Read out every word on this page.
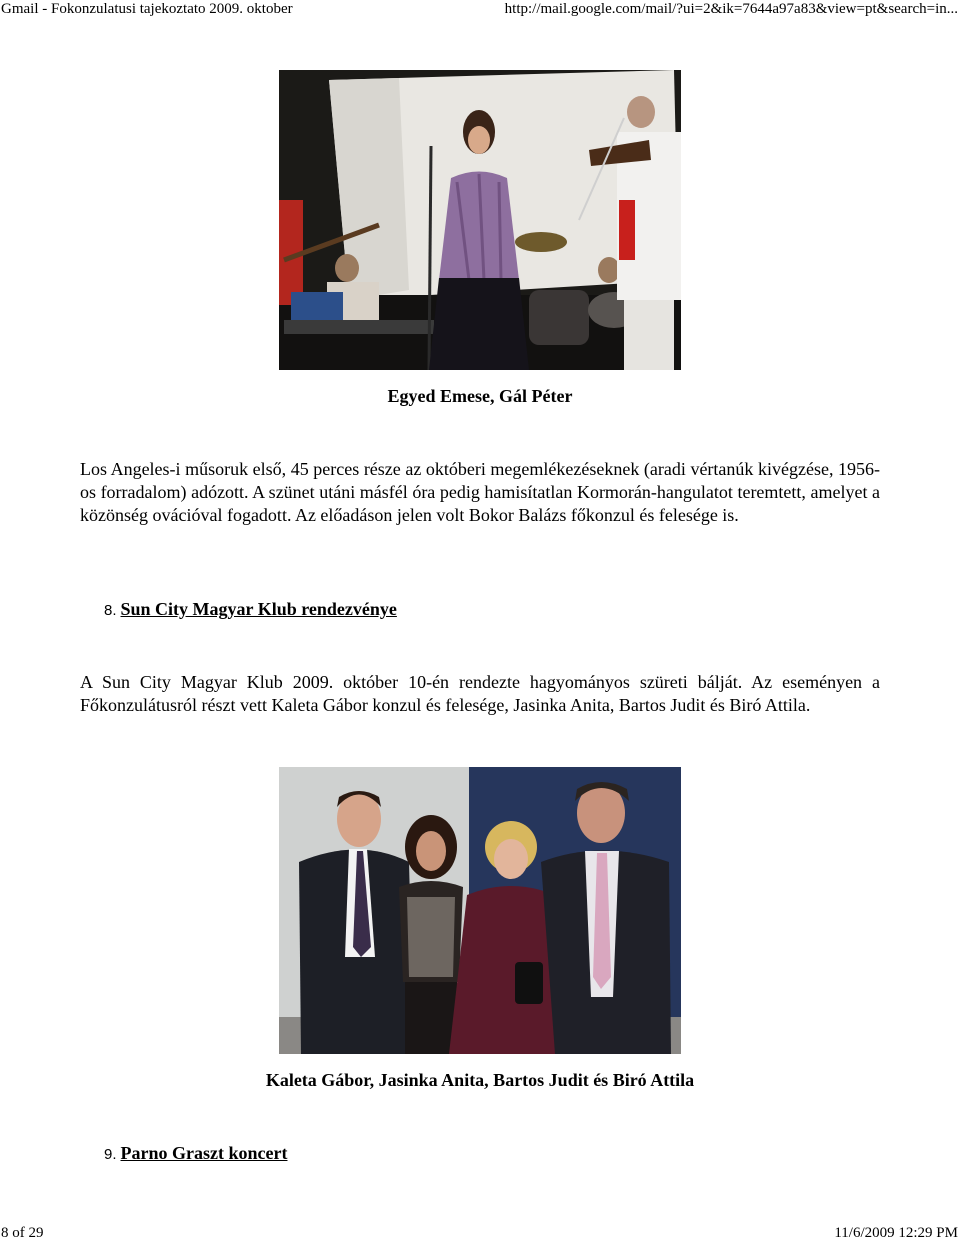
Gmail - Fokonzulatusi tajekoztato 2009. oktober	http://mail.google.com/mail/?ui=2&ik=7644a97a83&view=pt&search=in...
Egyed Emese, Gál Péter
Los Angeles-i műsoruk első, 45 perces része az októberi megemlékezéseknek (aradi vértanúk kivégzése, 1956-os forradalom) adózott. A szünet utáni másfél óra pedig hamisítatlan Kormorán-hangulatot teremtett, amelyet a közönség ovációval fogadott. Az előadáson jelen volt Bokor Balázs főkonzul és felesége is.
8. Sun City Magyar Klub rendezvénye
A Sun City Magyar Klub 2009. október 10-én rendezte hagyományos szüreti bálját. Az eseményen a Főkonzulátusról részt vett Kaleta Gábor konzul és felesége, Jasinka Anita, Bartos Judit és Biró Attila.
Kaleta Gábor, Jasinka Anita, Bartos Judit és Biró Attila
9. Parno Graszt koncert
8 of 29	11/6/2009 12:29 PM
